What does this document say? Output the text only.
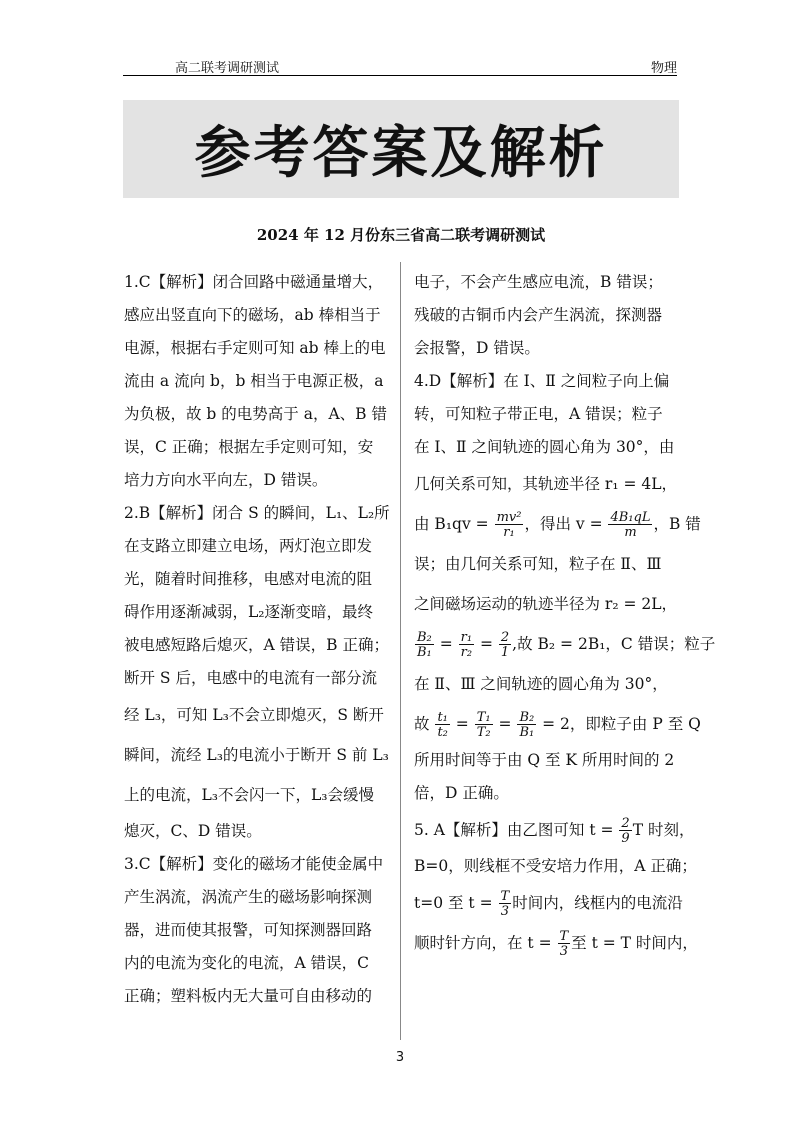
高二联考调研测试	物理
参考答案及解析
2024 年 12 月份东三省高二联考调研测试
1.C【解析】闭合回路中磁通量增大，
感应出竖直向下的磁场，ab 棒相当于
电源，根据右手定则可知 ab 棒上的电
流由 a 流向 b，b 相当于电源正极，a
为负极，故 b 的电势高于 a，A、B 错
误，C 正确；根据左手定则可知，安
培力方向水平向左，D 错误。
2.B【解析】闭合 S 的瞬间，L₁、L₂所
在支路立即建立电场，两灯泡立即发
光，随着时间推移，电感对电流的阻
碍作用逐渐减弱，L₂逐渐变暗，最终
被电感短路后熄灭，A 错误，B 正确；
断开 S 后，电感中的电流有一部分流
经 L₃，可知 L₃不会立即熄灭，S 断开
瞬间，流经 L₃的电流小于断开 S 前 L₃
上的电流，L₃不会闪一下，L₃会缓慢
熄灭，C、D 错误。
3.C【解析】变化的磁场才能使金属中
产生涡流，涡流产生的磁场影响探测
器，进而使其报警，可知探测器回路
内的电流为变化的电流，A 错误，C
正确；塑料板内无大量可自由移动的
电子，不会产生感应电流，B 错误；
残破的古铜币内会产生涡流，探测器
会报警，D 错误。
4.D【解析】在 Ⅰ、Ⅱ 之间粒子向上偏
转，可知粒子带正电，A 错误；粒子
在 Ⅰ、Ⅱ 之间轨迹的圆心角为 30°，由
几何关系可知，其轨迹半径 r₁ = 4L，
由 $B_1qv = \frac{\text{mv²}}{\text{r₁}}$ ，得出 $v = \frac{\text{4B₁qL}}{m}$ ，B 错
误；由几何关系可知，粒子在 Ⅱ、Ⅲ
之间磁场运动的轨迹半径为 r₂ = 2L，
$\frac{\text{B₂}}{\text{B₁}} = \frac{\text{r₁}}{\text{r₂}} = \frac{2}{1}$ ,故 B₂ = 2B₁，C 错误；粒子
在 Ⅱ、Ⅲ 之间轨迹的圆心角为 30°，
故 $\frac{\text{t₁}}{\text{t₂}} = \frac{\text{T₁}}{\text{T₂}} = \frac{\text{B₂}}{\text{B₁}} = 2$，即粒子由 P 至 Q
所用时间等于由 Q 至 K 所用时间的 2
倍，D 正确。
5. A【解析】由乙图可知 $t = \frac{2}{9}$ T 时刻，
B=0，则线框不受安培力作用，A 正确；
t=0 至 $t = \frac{T}{3}$ 时间内，线框内的电流沿
顺时针方向，在 $t = \frac{T}{3}$ 至 t = T 时间内，
3
